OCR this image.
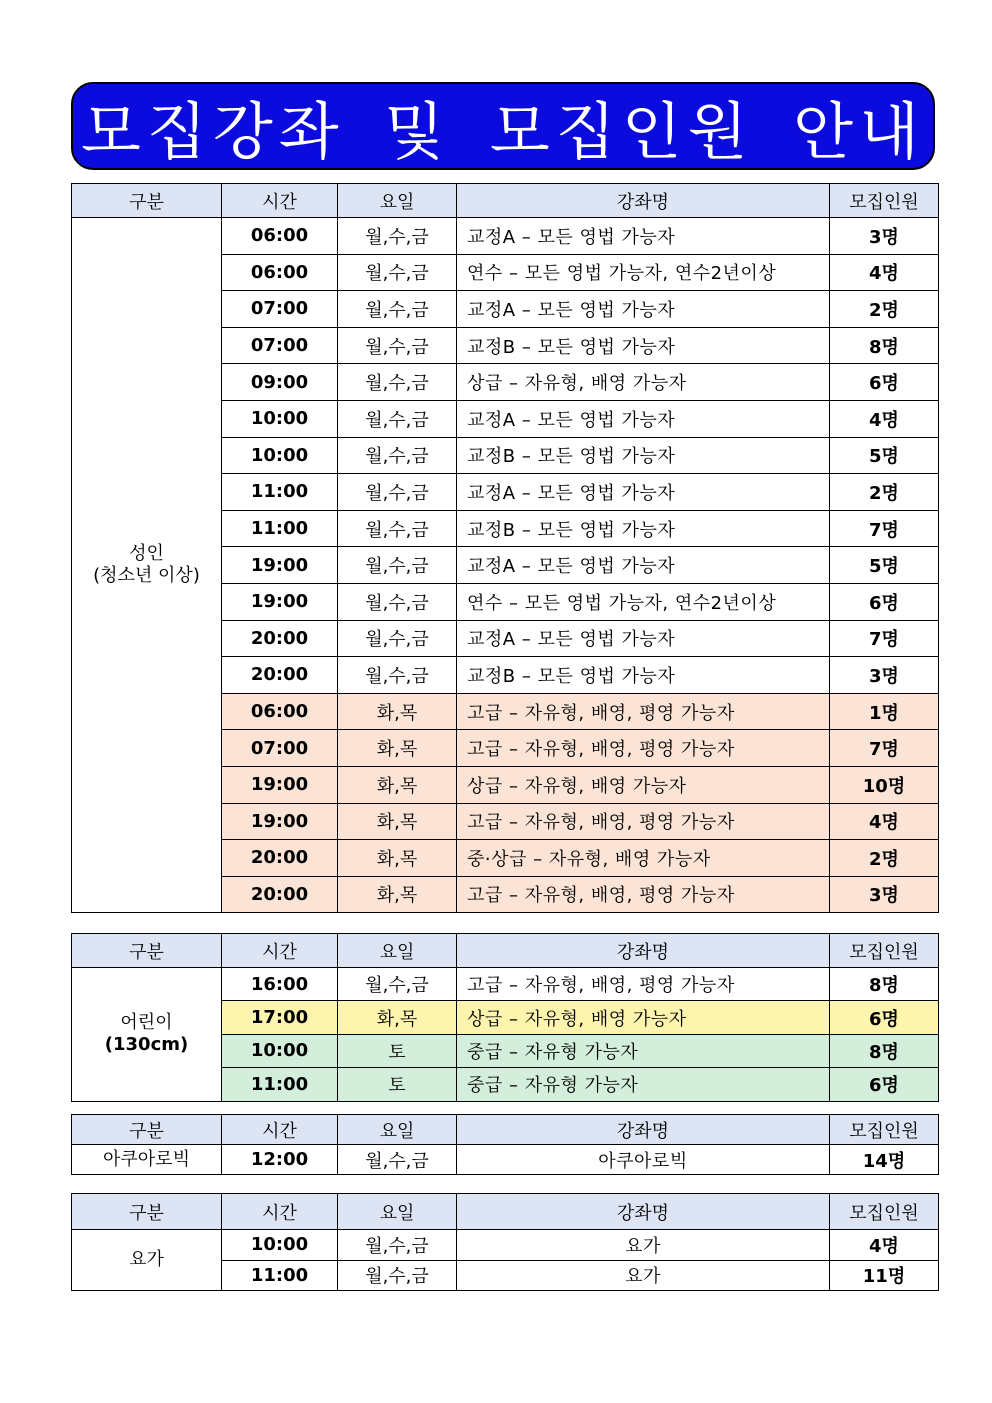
모집강좌 및 모집인원 안내
구분	시간	요일	강좌명	모집인원

성인
(청소년 이상)	06:00	월,수,금	교정A – 모든 영법 가능자	3명
	06:00	월,수,금	연수 – 모든 영법 가능자, 연수2년이상	4명
	07:00	월,수,금	교정A – 모든 영법 가능자	2명
	07:00	월,수,금	교정B – 모든 영법 가능자	8명
	09:00	월,수,금	상급 – 자유형, 배영 가능자	6명
	10:00	월,수,금	교정A – 모든 영법 가능자	4명
	10:00	월,수,금	교정B – 모든 영법 가능자	5명
	11:00	월,수,금	교정A – 모든 영법 가능자	2명
	11:00	월,수,금	교정B – 모든 영법 가능자	7명
	19:00	월,수,금	교정A – 모든 영법 가능자	5명
	19:00	월,수,금	연수 – 모든 영법 가능자, 연수2년이상	6명
	20:00	월,수,금	교정A – 모든 영법 가능자	7명
	20:00	월,수,금	교정B – 모든 영법 가능자	3명
	06:00	화,목	고급 – 자유형, 배영, 평영 가능자	1명
	07:00	화,목	고급 – 자유형, 배영, 평영 가능자	7명
	19:00	화,목	상급 – 자유형, 배영 가능자	10명
	19:00	화,목	고급 – 자유형, 배영, 평영 가능자	4명
	20:00	화,목	중·상급 – 자유형, 배영 가능자	2명
	20:00	화,목	고급 – 자유형, 배영, 평영 가능자	3명
구분	시간	요일	강좌명	모집인원

어린이
(130cm)	16:00	월,수,금	고급 – 자유형, 배영, 평영 가능자	8명
	17:00	화,목	상급 – 자유형, 배영 가능자	6명
	10:00	토	중급 – 자유형 가능자	8명
	11:00	토	중급 – 자유형 가능자	6명
구분	시간	요일	강좌명	모집인원
아쿠아로빅	12:00	월,수,금	아쿠아로빅	14명
구분	시간	요일	강좌명	모집인원
요가	10:00	월,수,금	요가	4명
	11:00	월,수,금	요가	11명
